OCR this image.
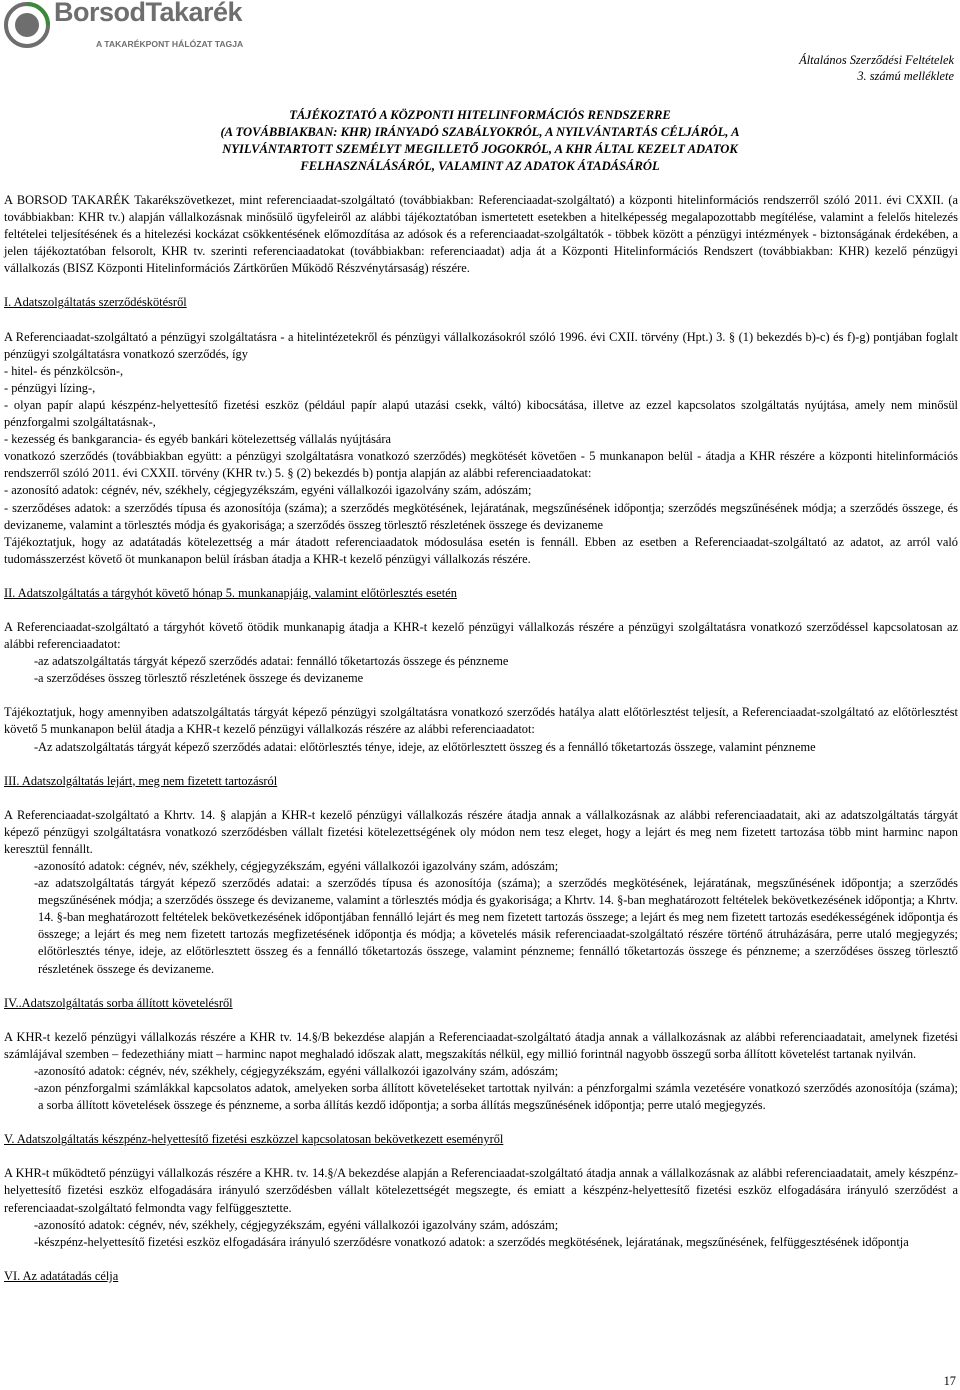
BorsodTakarék
A TAKARÉKPONT HÁLÓZAT TAGJA
Általános Szerződési Feltételek
3. számú melléklete
TÁJÉKOZTATÓ A KÖZPONTI HITELINFORMÁCIÓS RENDSZERRE
(A TOVÁBBIAKBAN: KHR) IRÁNYADÓ SZABÁLYOKRÓL, A NYILVÁNTARTÁS CÉLJÁRÓL, A
NYILVÁNTARTOTT SZEMÉLYT MEGILLETŐ JOGOKRÓL, A KHR ÁLTAL KEZELT ADATOK
FELHASZNÁLÁSÁRÓL, VALAMINT AZ ADATOK ÁTADÁSÁRÓL

A BORSOD TAKARÉK Takarékszövetkezet, mint referenciaadat-szolgáltató (továbbiakban: Referenciaadat-szolgáltató) a központi hitelinformációs rendszerről szóló 2011. évi CXXII. (a továbbiakban: KHR tv.) alapján vállalkozásnak minősülő ügyfeleiről az alábbi tájékoztatóban ismertetett esetekben a hitelképesség megalapozottabb megítélése, valamint a felelős hitelezés feltételei teljesítésének és a hitelezési kockázat csökkentésének előmozdítása az adósok és a referenciaadat-szolgáltatók - többek között a pénzügyi intézmények - biztonságának érdekében, a jelen tájékoztatóban felsorolt, KHR tv. szerinti referenciaadatokat (továbbiakban: referenciaadat) adja át a Központi Hitelinformációs Rendszert (továbbiakban: KHR) kezelő pénzügyi vállalkozás (BISZ Központi Hitelinformációs Zártkörűen Működő Részvénytársaság) részére.

I. Adatszolgáltatás szerződéskötésről

A Referenciaadat-szolgáltató a pénzügyi szolgáltatásra - a hitelintézetekről és pénzügyi vállalkozásokról szóló 1996. évi CXII. törvény (Hpt.) 3. § (1) bekezdés b)-c) és f)-g) pontjában foglalt pénzügyi szolgáltatásra vonatkozó szerződés, így

- hitel- és pénzkölcsön-,

- pénzügyi lízing-,

- olyan papír alapú készpénz-helyettesítő fizetési eszköz (például papír alapú utazási csekk, váltó) kibocsátása, illetve az ezzel kapcsolatos szolgáltatás nyújtása, amely nem minősül pénzforgalmi szolgáltatásnak-,

- kezesség és bankgarancia- és egyéb bankári kötelezettség vállalás nyújtására

vonatkozó szerződés (továbbiakban együtt: a pénzügyi szolgáltatásra vonatkozó szerződés) megkötését követően - 5 munkanapon belül - átadja a KHR részére a központi hitelinformációs rendszerről szóló 2011. évi CXXII. törvény (KHR tv.) 5. § (2) bekezdés b) pontja alapján az alábbi referenciaadatokat:

- azonosító adatok: cégnév, név, székhely, cégjegyzékszám, egyéni vállalkozói igazolvány szám, adószám;

- szerződéses adatok: a szerződés típusa és azonosítója (száma); a szerződés megkötésének, lejáratának, megszűnésének időpontja; szerződés megszűnésének módja; a szerződés összege, és devizaneme, valamint a törlesztés módja és gyakorisága; a szerződés összeg törlesztő részletének összege és devizaneme

Tájékoztatjuk, hogy az adatátadás kötelezettség a már átadott referenciaadatok módosulása esetén is fennáll. Ebben az esetben a Referenciaadat-szolgáltató az adatot, az arról való tudomásszerzést követő öt munkanapon belül írásban átadja a KHR-t kezelő pénzügyi vállalkozás részére.

II. Adatszolgáltatás a tárgyhót követő hónap 5. munkanapjáig, valamint előtörlesztés esetén

A Referenciaadat-szolgáltató a tárgyhót követő ötödik munkanapig átadja a KHR-t kezelő pénzügyi vállalkozás részére a pénzügyi szolgáltatásra vonatkozó szerződéssel kapcsolatosan az alábbi referenciaadatot:

- az adatszolgáltatás tárgyát képező szerződés adatai: fennálló tőketartozás összege és pénzneme
- a szerződéses összeg törlesztő részletének összege és devizaneme

Tájékoztatjuk, hogy amennyiben adatszolgáltatás tárgyát képező pénzügyi szolgáltatásra vonatkozó szerződés hatálya alatt előtörlesztést teljesít, a Referenciaadat-szolgáltató az előtörlesztést követő 5 munkanapon belül átadja a KHR-t kezelő pénzügyi vállalkozás részére az alábbi referenciaadatot:

- Az adatszolgáltatás tárgyát képező szerződés adatai: előtörlesztés ténye, ideje, az előtörlesztett összeg és a fennálló tőketartozás összege, valamint pénzneme

III. Adatszolgáltatás lejárt, meg nem fizetett tartozásról

A Referenciaadat-szolgáltató a Khrtv. 14. § alapján a KHR-t kezelő pénzügyi vállalkozás részére átadja annak a vállalkozásnak az alábbi referenciaadatait, aki az adatszolgáltatás tárgyát képező pénzügyi szolgáltatásra vonatkozó szerződésben vállalt fizetési kötelezettségének oly módon nem tesz eleget, hogy a lejárt és meg nem fizetett tartozása több mint harminc napon keresztül fennállt.

- azonosító adatok: cégnév, név, székhely, cégjegyzékszám, egyéni vállalkozói igazolvány szám, adószám;
- az adatszolgáltatás tárgyát képező szerződés adatai: a szerződés típusa és azonosítója (száma); a szerződés megkötésének, lejáratának, megszűnésének időpontja; a szerződés megszűnésének módja; a szerződés összege és devizaneme, valamint a törlesztés módja és gyakorisága; a Khrtv. 14. §-ban meghatározott feltételek bekövetkezésének időpontja; a Khrtv. 14. §-ban meghatározott feltételek bekövetkezésének időpontjában fennálló lejárt és meg nem fizetett tartozás összege; a lejárt és meg nem fizetett tartozás esedékességének időpontja és összege; a lejárt és meg nem fizetett tartozás megfizetésének időpontja és módja; a követelés másik referenciaadat-szolgáltató részére történő átruházására, perre utaló megjegyzés; előtörlesztés ténye, ideje, az előtörlesztett összeg és a fennálló tőketartozás összege, valamint pénzneme; fennálló tőketartozás összege és pénzneme; a szerződéses összeg törlesztő részletének összege és devizaneme.

IV..Adatszolgáltatás sorba állított követelésről

A KHR-t kezelő pénzügyi vállalkozás részére a KHR tv. 14.§/B bekezdése alapján a Referenciaadat-szolgáltató átadja annak a vállalkozásnak az alábbi referenciaadatait, amelynek fizetési számlájával szemben – fedezethiány miatt – harminc napot meghaladó időszak alatt, megszakítás nélkül, egy millió forintnál nagyobb összegű sorba állított követelést tartanak nyilván.

- azonosító adatok: cégnév, név, székhely, cégjegyzékszám, egyéni vállalkozói igazolvány szám, adószám;
- azon pénzforgalmi számlákkal kapcsolatos adatok, amelyeken sorba állított követeléseket tartottak nyilván: a pénzforgalmi számla vezetésére vonatkozó szerződés azonosítója (száma); a sorba állított követelések összege és pénzneme, a sorba állítás kezdő időpontja; a sorba állítás megszűnésének időpontja; perre utaló megjegyzés.

V. Adatszolgáltatás készpénz-helyettesítő fizetési eszközzel kapcsolatosan bekövetkezett eseményről

A KHR-t működtető pénzügyi vállalkozás részére a KHR. tv. 14.§/A bekezdése alapján a Referenciaadat-szolgáltató átadja annak a vállalkozásnak az alábbi referenciaadatait, amely készpénz-helyettesítő fizetési eszköz elfogadására irányuló szerződésben vállalt kötelezettségét megszegte, és emiatt a készpénz-helyettesítő fizetési eszköz elfogadására irányuló szerződést a referenciaadat-szolgáltató felmondta vagy felfüggesztette.

- azonosító adatok: cégnév, név, székhely, cégjegyzékszám, egyéni vállalkozói igazolvány szám, adószám;
- készpénz-helyettesítő fizetési eszköz elfogadására irányuló szerződésre vonatkozó adatok: a szerződés megkötésének, lejáratának, megszűnésének, felfüggesztésének időpontja

VI. Az adatátadás célja

17
